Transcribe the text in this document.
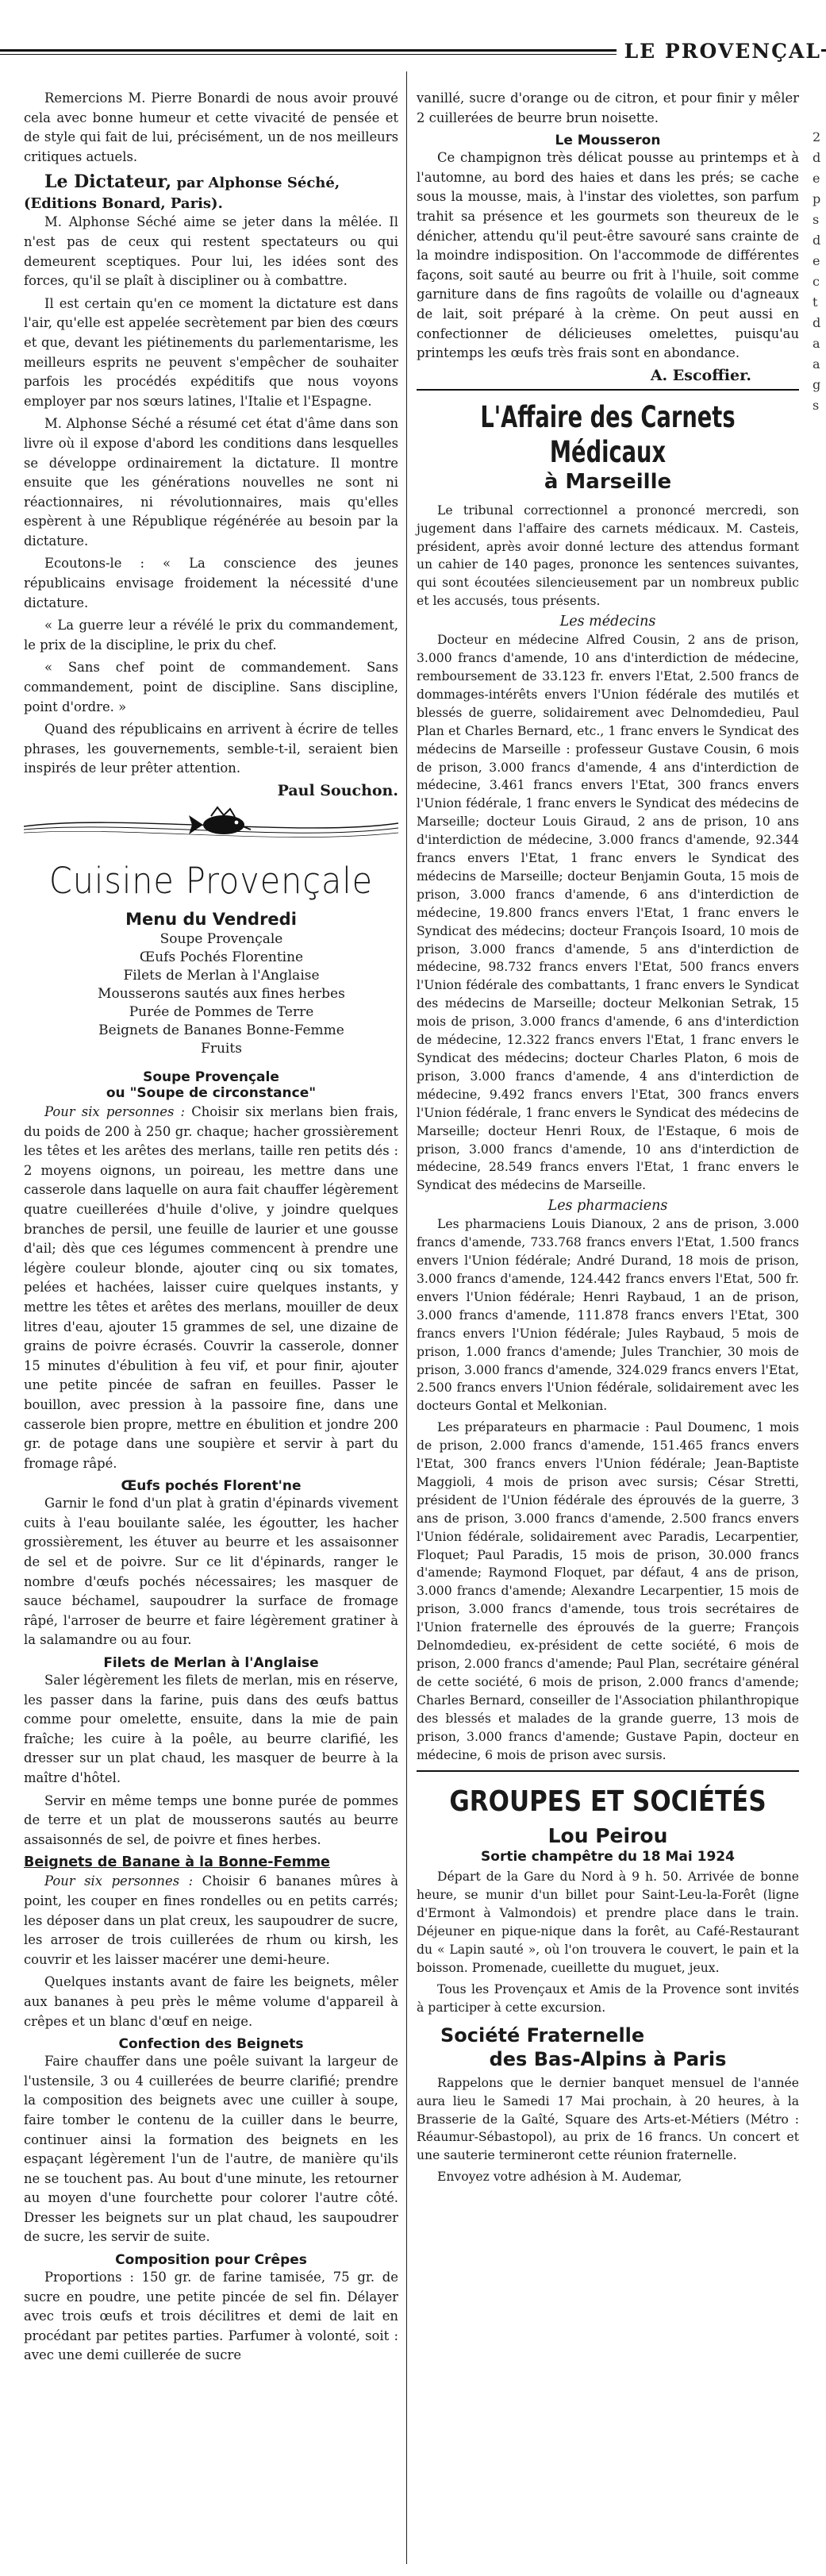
LE PROVENÇAL

Remercions M. Pierre Bonardi de nous avoir prouvé cela avec bonne humeur et cette vivacité de pensée et de style qui fait de lui, précisément, un de nos meilleurs critiques actuels.

Le Dictateur, par Alphonse Séché, (Editions Bonard, Paris).

M. Alphonse Séché aime se jeter dans la mêlée. Il n'est pas de ceux qui restent spectateurs ou qui demeurent sceptiques. Pour lui, les idées sont des forces, qu'il se plaît à discipliner ou à combattre.

Il est certain qu'en ce moment la dictature est dans l'air, qu'elle est appelée secrètement par bien des cœurs et que, devant les piétinements du parlementarisme, les meilleurs esprits ne peuvent s'empêcher de souhaiter parfois les procédés expéditifs que nous voyons employer par nos sœurs latines, l'Italie et l'Espagne.

M. Alphonse Séché a résumé cet état d'âme dans son livre où il expose d'abord les conditions dans lesquelles se développe ordinairement la dictature. Il montre ensuite que les générations nouvelles ne sont ni réactionnaires, ni révolutionnaires, mais qu'elles espèrent à une République régénérée au besoin par la dictature.

Ecoutons-le : « La conscience des jeunes républicains envisage froidement la nécessité d'une dictature.

« La guerre leur a révélé le prix du commandement, le prix de la discipline, le prix du chef.

« Sans chef point de commandement. Sans commandement, point de discipline. Sans discipline, point d'ordre. »

Quand des républicains en arrivent à écrire de telles phrases, les gouvernements, semble-t-il, seraient bien inspirés de leur prêter attention.

Paul Souchon.
Cuisine Provençale
Menu du Vendredi

Soupe Provençale

Œufs Pochés Florentine

Filets de Merlan à l'Anglaise

Mousserons sautés aux fines herbes

Purée de Pommes de Terre

Beignets de Bananes Bonne-Femme

Fruits

Soupe Provençale
ou "Soupe de circonstance"

Pour six personnes : Choisir six merlans bien frais, du poids de 200 à 250 gr. chaque; hacher grossièrement les têtes et les arêtes des merlans, taille ren petits dés : 2 moyens oignons, un poireau, les mettre dans une casserole dans laquelle on aura fait chauffer légèrement quatre cueillerées d'huile d'olive, y joindre quelques branches de persil, une feuille de laurier et une gousse d'ail; dès que ces légumes commencent à prendre une légère couleur blonde, ajouter cinq ou six tomates, pelées et hachées, laisser cuire quelques instants, y mettre les têtes et arêtes des merlans, mouiller de deux litres d'eau, ajouter 15 grammes de sel, une dizaine de grains de poivre écrasés. Couvrir la casserole, donner 15 minutes d'ébulition à feu vif, et pour finir, ajouter une petite pincée de safran en feuilles. Passer le bouillon, avec pression à la passoire fine, dans une casserole bien propre, mettre en ébulition et jondre 200 gr. de potage dans une soupière et servir à part du fromage râpé.

Œufs pochés Florent'ne

Garnir le fond d'un plat à gratin d'épinards vivement cuits à l'eau bouilante salée, les égoutter, les hacher grossièrement, les étuver au beurre et les assaisonner de sel et de poivre. Sur ce lit d'épinards, ranger le nombre d'œufs pochés nécessaires; les masquer de sauce béchamel, saupoudrer la surface de fromage râpé, l'arroser de beurre et faire légèrement gratiner à la salamandre ou au four.

Filets de Merlan à l'Anglaise

Saler légèrement les filets de merlan, mis en réserve, les passer dans la farine, puis dans des œufs battus comme pour omelette, ensuite, dans la mie de pain fraîche; les cuire à la poêle, au beurre clarifié, les dresser sur un plat chaud, les masquer de beurre à la maître d'hôtel.

Servir en même temps une bonne purée de pommes de terre et un plat de mousserons sautés au beurre assaisonnés de sel, de poivre et fines herbes.

Beignets de Banane à la Bonne-Femme

Pour six personnes : Choisir 6 bananes mûres à point, les couper en fines rondelles ou en petits carrés; les déposer dans un plat creux, les saupoudrer de sucre, les arroser de trois cuillerées de rhum ou kirsh, les couvrir et les laisser macérer une demi-heure.

Quelques instants avant de faire les beignets, mêler aux bananes à peu près le même volume d'appareil à crêpes et un blanc d'œuf en neige.

Confection des Beignets

Faire chauffer dans une poêle suivant la largeur de l'ustensile, 3 ou 4 cuillerées de beurre clarifié; prendre la composition des beignets avec une cuiller à soupe, faire tomber le contenu de la cuiller dans le beurre, continuer ainsi la formation des beignets en les espaçant légèrement l'un de l'autre, de manière qu'ils ne se touchent pas. Au bout d'une minute, les retourner au moyen d'une fourchette pour colorer l'autre côté. Dresser les beignets sur un plat chaud, les saupoudrer de sucre, les servir de suite.

Composition pour Crêpes

Proportions : 150 gr. de farine tamisée, 75 gr. de sucre en poudre, une petite pincée de sel fin. Délayer avec trois œufs et trois décilitres et demi de lait en procédant par petites parties. Parfumer à volonté, soit : avec une demi cuillerée de sucre

vanillé, sucre d'orange ou de citron, et pour finir y mêler 2 cuillerées de beurre brun noisette.

Le Mousseron

Ce champignon très délicat pousse au printemps et à l'automne, au bord des haies et dans les prés; se cache sous la mousse, mais, à l'instar des violettes, son parfum trahit sa présence et les gourmets son theureux de le dénicher, attendu qu'il peut-être savouré sans crainte de la moindre indisposition. On l'accommode de différentes façons, soit sauté au beurre ou frit à l'huile, soit comme garniture dans de fins ragoûts de volaille ou d'agneaux de lait, soit préparé à la crème. On peut aussi en confectionner de délicieuses omelettes, puisqu'au printemps les œufs très frais sont en abondance.

A. Escoffier.
L'Affaire des Carnets Médicaux
à Marseille

Le tribunal correctionnel a prononcé mercredi, son jugement dans l'affaire des carnets médicaux. M. Casteis, président, après avoir donné lecture des attendus formant un cahier de 140 pages, prononce les sentences suivantes, qui sont écoutées silencieusement par un nombreux public et les accusés, tous présents.

Les médecins

Docteur en médecine Alfred Cousin, 2 ans de prison, 3.000 francs d'amende, 10 ans d'interdiction de médecine, remboursement de 33.123 fr. envers l'Etat, 2.500 francs de dommages-intérêts envers l'Union fédérale des mutilés et blessés de guerre, solidairement avec Delnomdedieu, Paul Plan et Charles Bernard, etc., 1 franc envers le Syndicat des médecins de Marseille : professeur Gustave Cousin, 6 mois de prison, 3.000 francs d'amende, 4 ans d'interdiction de médecine, 3.461 francs envers l'Etat, 300 francs envers l'Union fédérale, 1 franc envers le Syndicat des médecins de Marseille; docteur Louis Giraud, 2 ans de prison, 10 ans d'interdiction de médecine, 3.000 francs d'amende, 92.344 francs envers l'Etat, 1 franc envers le Syndicat des médecins de Marseille; docteur Benjamin Gouta, 15 mois de prison, 3.000 francs d'amende, 6 ans d'interdiction de médecine, 19.800 francs envers l'Etat, 1 franc envers le Syndicat des médecins; docteur François Isoard, 10 mois de prison, 3.000 francs d'amende, 5 ans d'interdiction de médecine, 98.732 francs envers l'Etat, 500 francs envers l'Union fédérale des combattants, 1 franc envers le Syndicat des médecins de Marseille; docteur Melkonian Setrak, 15 mois de prison, 3.000 francs d'amende, 6 ans d'interdiction de médecine, 12.322 francs envers l'Etat, 1 franc envers le Syndicat des médecins; docteur Charles Platon, 6 mois de prison, 3.000 francs d'amende, 4 ans d'interdiction de médecine, 9.492 francs envers l'Etat, 300 francs envers l'Union fédérale, 1 franc envers le Syndicat des médecins de Marseille; docteur Henri Roux, de l'Estaque, 6 mois de prison, 3.000 francs d'amende, 10 ans d'interdiction de médecine, 28.549 francs envers l'Etat, 1 franc envers le Syndicat des médecins de Marseille.

Les pharmaciens

Les pharmaciens Louis Dianoux, 2 ans de prison, 3.000 francs d'amende, 733.768 francs envers l'Etat, 1.500 francs envers l'Union fédérale; André Durand, 18 mois de prison, 3.000 francs d'amende, 124.442 francs envers l'Etat, 500 fr. envers l'Union fédérale; Henri Raybaud, 1 an de prison, 3.000 francs d'amende, 111.878 francs envers l'Etat, 300 francs envers l'Union fédérale; Jules Raybaud, 5 mois de prison, 1.000 francs d'amende; Jules Tranchier, 30 mois de prison, 3.000 francs d'amende, 324.029 francs envers l'Etat, 2.500 francs envers l'Union fédérale, solidairement avec les docteurs Gontal et Melkonian.

Les préparateurs en pharmacie : Paul Doumenc, 1 mois de prison, 2.000 francs d'amende, 151.465 francs envers l'Etat, 300 francs envers l'Union fédérale; Jean-Baptiste Maggioli, 4 mois de prison avec sursis; César Stretti, président de l'Union fédérale des éprouvés de la guerre, 3 ans de prison, 3.000 francs d'amende, 2.500 francs envers l'Union fédérale, solidairement avec Paradis, Lecarpentier, Floquet; Paul Paradis, 15 mois de prison, 30.000 francs d'amende; Raymond Floquet, par défaut, 4 ans de prison, 3.000 francs d'amende; Alexandre Lecarpentier, 15 mois de prison, 3.000 francs d'amende, tous trois secrétaires de l'Union fraternelle des éprouvés de la guerre; François Delnomdedieu, ex-président de cette société, 6 mois de prison, 2.000 francs d'amende; Paul Plan, secrétaire général de cette société, 6 mois de prison, 2.000 francs d'amende; Charles Bernard, conseiller de l'Association philanthropique des blessés et malades de la grande guerre, 13 mois de prison, 3.000 francs d'amende; Gustave Papin, docteur en médecine, 6 mois de prison avec sursis.

GROUPES ET SOCIÉTÉS
Lou Peirou
Sortie champêtre du 18 Mai 1924

Départ de la Gare du Nord à 9 h. 50. Arrivée de bonne heure, se munir d'un billet pour Saint-Leu-la-Forêt (ligne d'Ermont à Valmondois) et prendre place dans le train. Déjeuner en pique-nique dans la forêt, au Café-Restaurant du « Lapin sauté », où l'on trouvera le couvert, le pain et la boisson. Promenade, cueillette du muguet, jeux.

Tous les Provençaux et Amis de la Provence sont invités à participer à cette excursion.

Société Fraternelle
des Bas-Alpins à Paris

Rappelons que le dernier banquet mensuel de l'année aura lieu le Samedi 17 Mai prochain, à 20 heures, à la Brasserie de la Gaîté, Square des Arts-et-Métiers (Métro : Réaumur-Sébastopol), au prix de 16 francs. Un concert et une sauterie termineront cette réunion fraternelle.

Envoyez votre adhésion à M. Audemar,

2
d
e
p
s
d
e
c
t
d
a
a
g
s
